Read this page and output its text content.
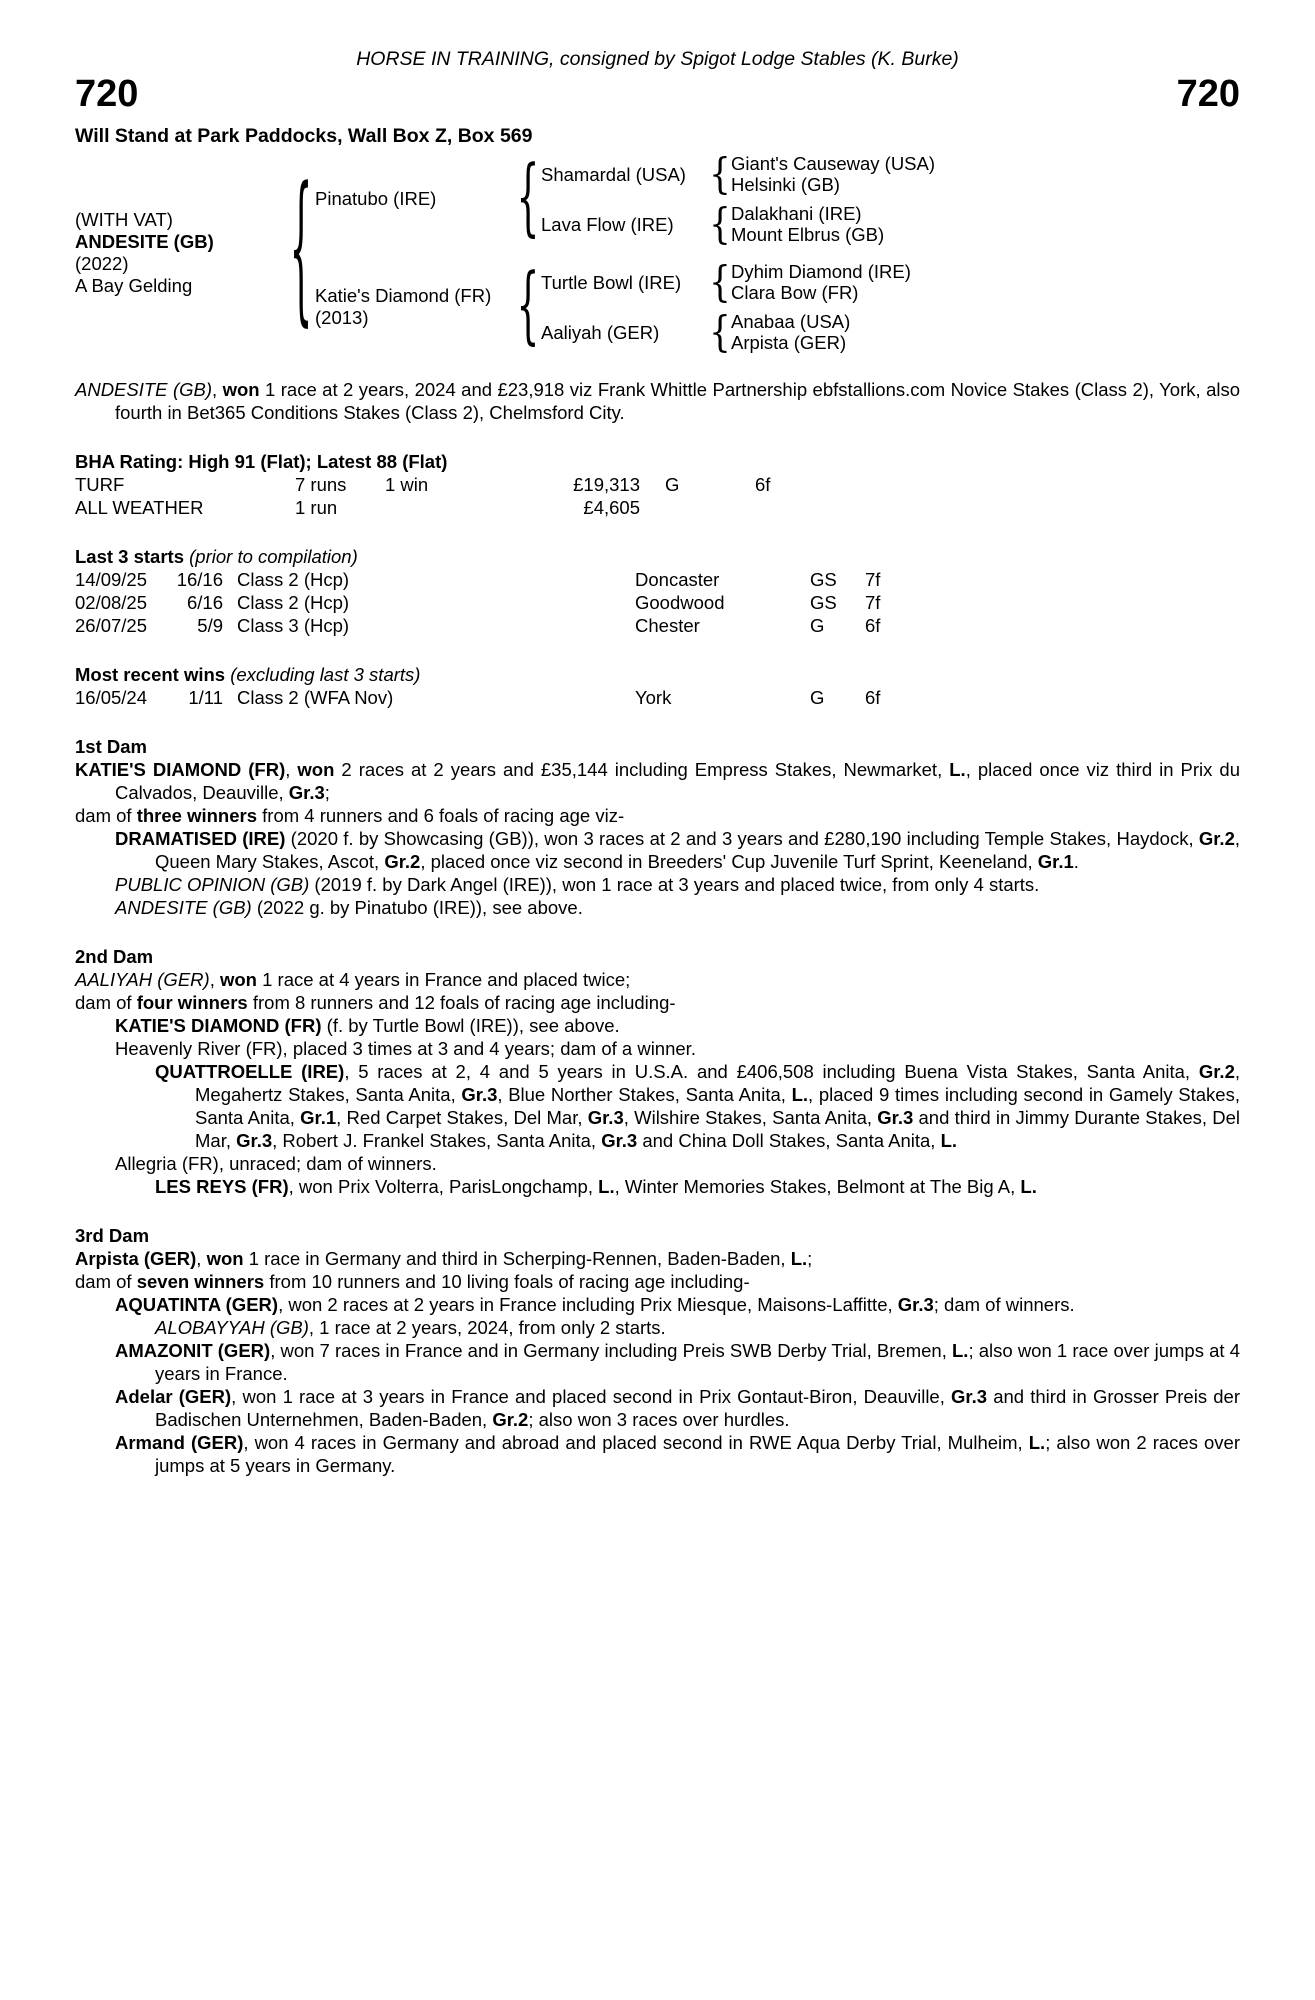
HORSE IN TRAINING, consigned by Spigot Lodge Stables (K. Burke)
720	720
Will Stand at Park Paddocks, Wall Box Z, Box 569
(WITH VAT)
ANDESITE (GB)
(2022)
A Bay Gelding	{ Pinatubo (IRE)	{ Shamardal (USA) { Giant's Causeway (USA)
Helsinki (GB)
Lava Flow (IRE)	{ Dalakhani (IRE)
Mount Elbrus (GB)
Katie's Diamond (FR)
(2013)	{ Turtle Bowl (IRE) { Dyhim Diamond (IRE)
Clara Bow (FR)
Aaliyah (GER)	{ Anabaa (USA)
Arpista (GER)
ANDESITE (GB), won 1 race at 2 years, 2024 and £23,918 viz Frank Whittle Partnership ebfstallions.com Novice Stakes (Class 2), York, also fourth in Bet365 Conditions Stakes (Class 2), Chelmsford City.
BHA Rating: High 91 (Flat); Latest 88 (Flat)
TURF	7 runs	1 win	£19,313	G	6f
ALL WEATHER	1 run	£4,605
Last 3 starts (prior to compilation)
14/09/25	16/16 Class 2 (Hcp)	Doncaster	GS	7f
02/08/25	6/16 Class 2 (Hcp)	Goodwood	GS	7f
26/07/25	5/9 Class 3 (Hcp)	Chester	G	6f
Most recent wins (excluding last 3 starts)
16/05/24	1/11 Class 2 (WFA Nov)	York	G	6f
1st Dam
KATIE'S DIAMOND (FR), won 2 races at 2 years and £35,144 including Empress Stakes, Newmarket, L., placed once viz third in Prix du Calvados, Deauville, Gr.3;
dam of three winners from 4 runners and 6 foals of racing age viz-
DRAMATISED (IRE) (2020 f. by Showcasing (GB)), won 3 races at 2 and 3 years and £280,190 including Temple Stakes, Haydock, Gr.2, Queen Mary Stakes, Ascot, Gr.2, placed once viz second in Breeders' Cup Juvenile Turf Sprint, Keeneland, Gr.1.
PUBLIC OPINION (GB) (2019 f. by Dark Angel (IRE)), won 1 race at 3 years and placed twice, from only 4 starts.
ANDESITE (GB) (2022 g. by Pinatubo (IRE)), see above.
2nd Dam
AALIYAH (GER), won 1 race at 4 years in France and placed twice;
dam of four winners from 8 runners and 12 foals of racing age including-
KATIE'S DIAMOND (FR) (f. by Turtle Bowl (IRE)), see above.
Heavenly River (FR), placed 3 times at 3 and 4 years; dam of a winner.
QUATTROELLE (IRE), 5 races at 2, 4 and 5 years in U.S.A. and £406,508 including Buena Vista Stakes, Santa Anita, Gr.2, Megahertz Stakes, Santa Anita, Gr.3, Blue Norther Stakes, Santa Anita, L., placed 9 times including second in Gamely Stakes, Santa Anita, Gr.1, Red Carpet Stakes, Del Mar, Gr.3, Wilshire Stakes, Santa Anita, Gr.3 and third in Jimmy Durante Stakes, Del Mar, Gr.3, Robert J. Frankel Stakes, Santa Anita, Gr.3 and China Doll Stakes, Santa Anita, L.
Allegria (FR), unraced; dam of winners.
LES REYS (FR), won Prix Volterra, ParisLongchamp, L., Winter Memories Stakes, Belmont at The Big A, L.
3rd Dam
Arpista (GER), won 1 race in Germany and third in Scherping-Rennen, Baden-Baden, L.;
dam of seven winners from 10 runners and 10 living foals of racing age including-
AQUATINTA (GER), won 2 races at 2 years in France including Prix Miesque, Maisons-Laffitte, Gr.3; dam of winners.
ALOBAYYAH (GB), 1 race at 2 years, 2024, from only 2 starts.
AMAZONIT (GER), won 7 races in France and in Germany including Preis SWB Derby Trial, Bremen, L.; also won 1 race over jumps at 4 years in France.
Adelar (GER), won 1 race at 3 years in France and placed second in Prix Gontaut-Biron, Deauville, Gr.3 and third in Grosser Preis der Badischen Unternehmen, Baden-Baden, Gr.2; also won 3 races over hurdles.
Armand (GER), won 4 races in Germany and abroad and placed second in RWE Aqua Derby Trial, Mulheim, L.; also won 2 races over jumps at 5 years in Germany.
